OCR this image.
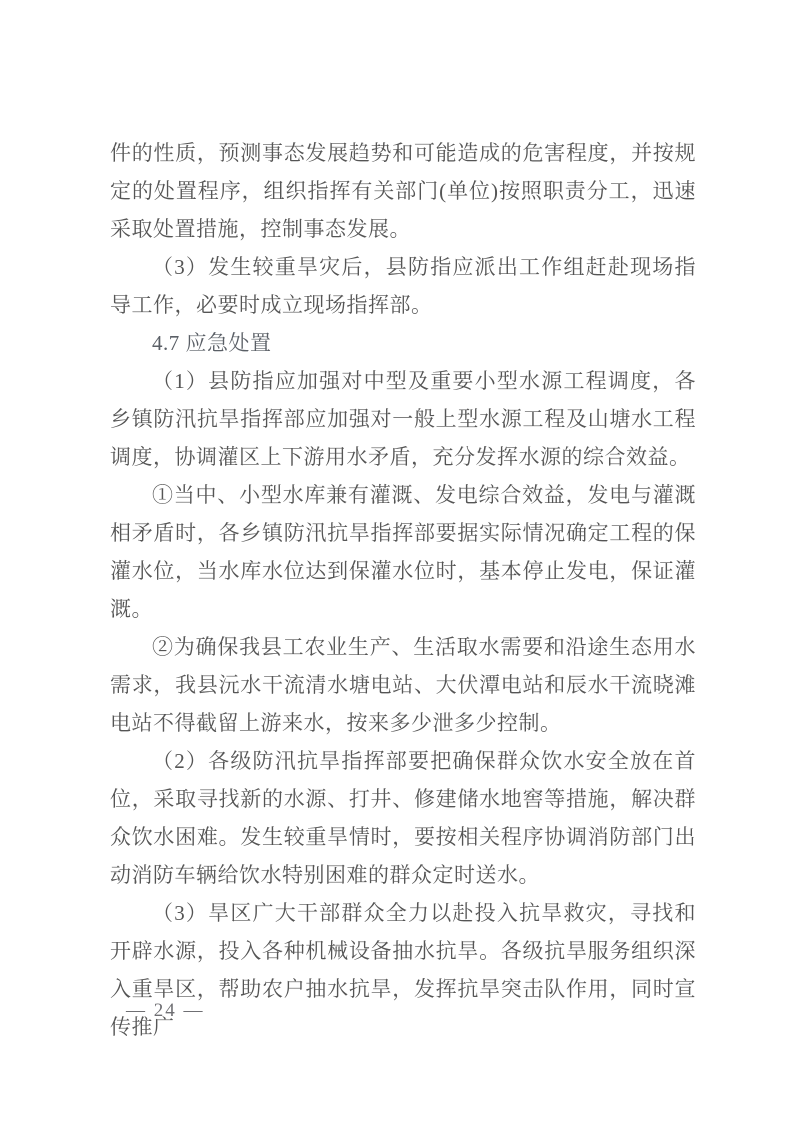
件的性质，预测事态发展趋势和可能造成的危害程度，并按规定的处置程序，组织指挥有关部门(单位)按照职责分工，迅速采取处置措施，控制事态发展。

（3）发生较重旱灾后，县防指应派出工作组赶赴现场指导工作，必要时成立现场指挥部。

4.7 应急处置

（1）县防指应加强对中型及重要小型水源工程调度，各乡镇防汛抗旱指挥部应加强对一般上型水源工程及山塘水工程调度，协调灌区上下游用水矛盾，充分发挥水源的综合效益。

①当中、小型水库兼有灌溉、发电综合效益，发电与灌溉相矛盾时，各乡镇防汛抗旱指挥部要据实际情况确定工程的保灌水位，当水库水位达到保灌水位时，基本停止发电，保证灌溉。

②为确保我县工农业生产、生活取水需要和沿途生态用水需求，我县沅水干流清水塘电站、大伏潭电站和辰水干流晓滩电站不得截留上游来水，按来多少泄多少控制。

（2）各级防汛抗旱指挥部要把确保群众饮水安全放在首位，采取寻找新的水源、打井、修建储水地窖等措施，解决群众饮水困难。发生较重旱情时，要按相关程序协调消防部门出动消防车辆给饮水特别困难的群众定时送水。

（3）旱区广大干部群众全力以赴投入抗旱救灾，寻找和开辟水源，投入各种机械设备抽水抗旱。各级抗旱服务组织深入重旱区，帮助农户抽水抗旱，发挥抗旱突击队作用，同时宣传推广

— 24 —
